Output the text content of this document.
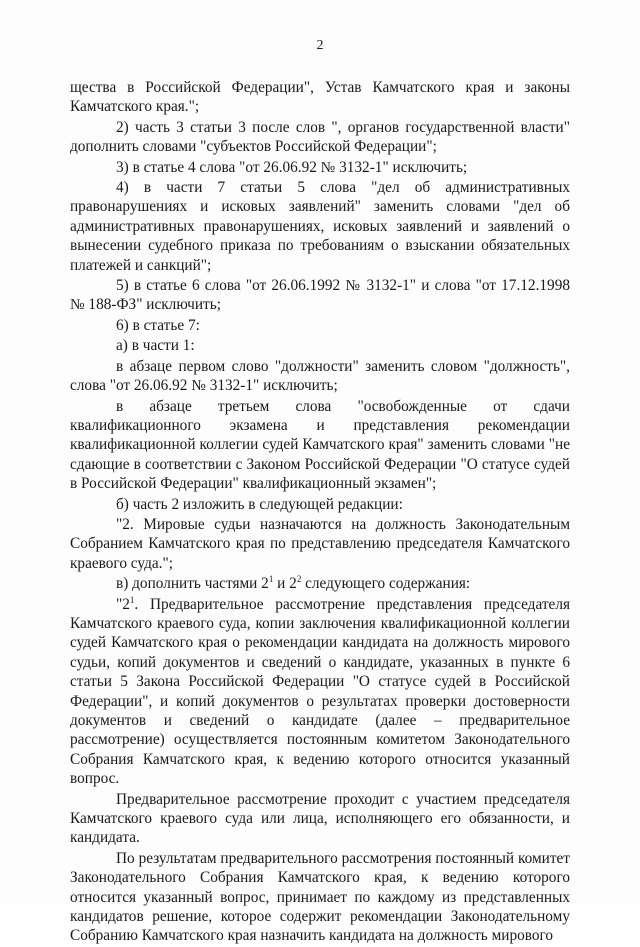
2

щества в Российской Федерации", Устав Камчатского края и законы Камчатского края.";

2) часть 3 статьи 3 после слов ", органов государственной власти" дополнить словами "субъектов Российской Федерации";

3) в статье 4 слова "от 26.06.92 № 3132-1" исключить;

4) в части 7 статьи 5 слова "дел об административных правонарушениях и исковых заявлений" заменить словами "дел об административных правонарушениях, исковых заявлений и заявлений о вынесении судебного приказа по требованиям о взыскании обязательных платежей и санкций";

5) в статье 6 слова "от 26.06.1992 № 3132-1" и слова "от 17.12.1998 № 188-ФЗ" исключить;

6) в статье 7:

а) в части 1:

в абзаце первом слово "должности" заменить словом "должность", слова "от 26.06.92 № 3132-1" исключить;

в абзаце третьем слова "освобожденные от сдачи квалификационного экзамена и представления рекомендации квалификационной коллегии судей Камчатского края" заменить словами "не сдающие в соответствии с Законом Российской Федерации "О статусе судей в Российской Федерации" квалификационный экзамен";

б) часть 2 изложить в следующей редакции:

"2. Мировые судьи назначаются на должность Законодательным Собранием Камчатского края по представлению председателя Камчатского краевого суда.";

в) дополнить частями $2^1$ и $2^2$ следующего содержания:

"$2^1$. Предварительное рассмотрение представления председателя Камчатского краевого суда, копии заключения квалификационной коллегии судей Камчатского края о рекомендации кандидата на должность мирового судьи, копий документов и сведений о кандидате, указанных в пункте 6 статьи 5 Закона Российской Федерации "О статусе судей в Российской Федерации", и копий документов о результатах проверки достоверности документов и сведений о кандидате (далее – предварительное рассмотрение) осуществляется постоянным комитетом Законодательного Собрания Камчатского края, к ведению которого относится указанный вопрос.

Предварительное рассмотрение проходит с участием председателя Камчатского краевого суда или лица, исполняющего его обязанности, и кандидата.

По результатам предварительного рассмотрения постоянный комитет Законодательного Собрания Камчатского края, к ведению которого относится указанный вопрос, принимает по каждому из представленных кандидатов решение, которое содержит рекомендации Законодательному Собранию Камчатского края назначить кандидата на должность мирового
